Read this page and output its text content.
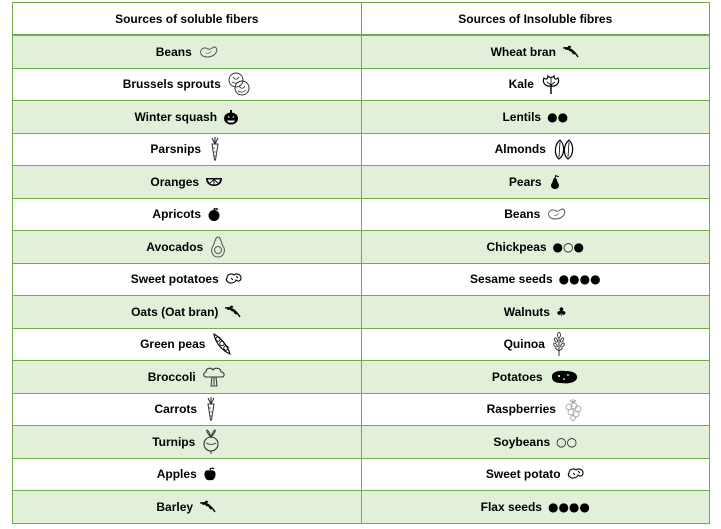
Sources of soluble fibers	Sources of Insoluble fibres

Beans	Wheat bran

Brussels sprouts	Kale

Winter squash	Lentils ●●

Parsnips	Almonds

Oranges	Pears

Apricots	Beans

Avocados	Chickpeas ●○●

Sweet potatoes	Sesame seeds ●●●●

Oats (Oat bran)	Walnuts ♣

Green peas	Quinoa

Broccoli	Potatoes

Carrots	Raspberries

Turnips	Soybeans ○○

Apples	Sweet potato

Barley	Flax seeds ●●●●
